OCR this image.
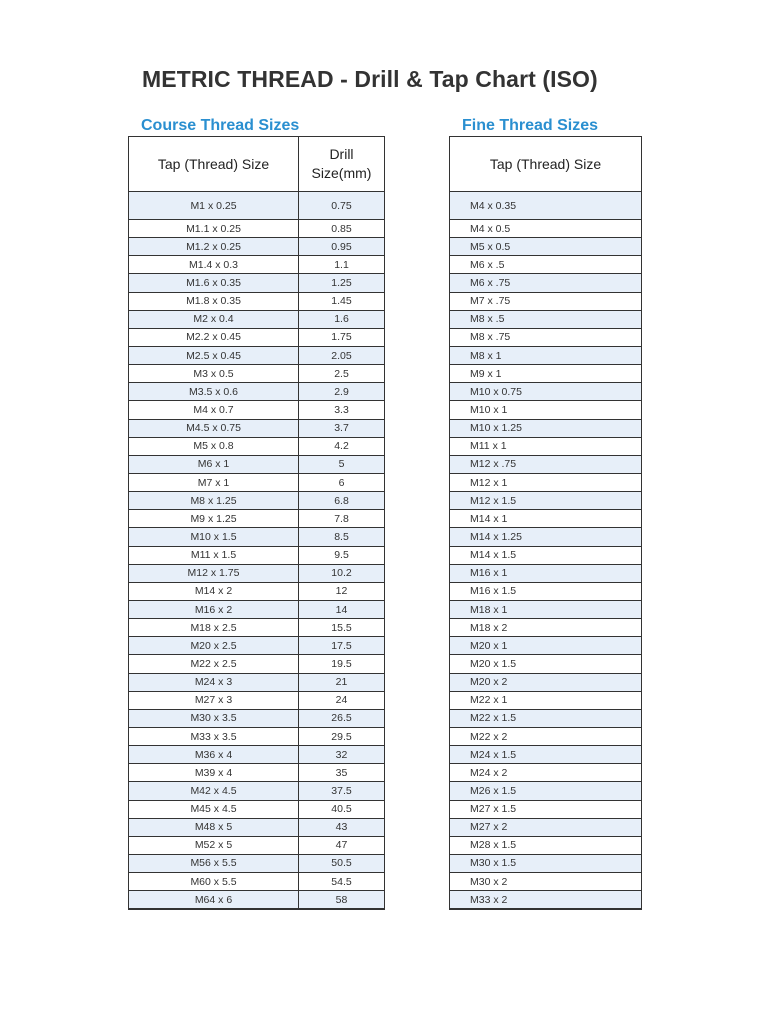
METRIC THREAD - Drill & Tap Chart (ISO)
Course Thread Sizes	Fine Thread Sizes
Tap (Thread) Size
Drill Size(mm)
M1 x 0.25	0.75
M1.1 x 0.25	0.85
M1.2 x 0.25	0.95
M1.4 x 0.3	1.1
M1.6 x 0.35	1.25
M1.8 x 0.35	1.45
M2 x 0.4	1.6
M2.2 x 0.45	1.75
M2.5 x 0.45	2.05
M3 x 0.5	2.5
M3.5 x 0.6	2.9
M4 x 0.7	3.3
M4.5 x 0.75	3.7
M5 x 0.8	4.2
M6 x 1	5
M7 x 1	6
M8 x 1.25	6.8
M9 x 1.25	7.8
M10 x 1.5	8.5
M11 x 1.5	9.5
M12 x 1.75	10.2
M14 x 2	12
M16 x 2	14
M18 x 2.5	15.5
M20 x 2.5	17.5
M22 x 2.5	19.5
M24 x 3	21
M27 x 3	24
M30 x 3.5	26.5
M33 x 3.5	29.5
M36 x 4	32
M39 x 4	35
M42 x 4.5	37.5
M45 x 4.5	40.5
M48 x 5	43
M52 x 5	47
M56 x 5.5	50.5
M60 x 5.5	54.5
M64 x 6	58
Tap (Thread) Size
M4 x 0.35
M4 x 0.5
M5 x 0.5
M6 x .5
M6 x .75
M7 x .75
M8 x .5
M8 x .75
M8 x 1
M9 x 1
M10 x 0.75
M10 x 1
M10 x 1.25
M11 x 1
M12 x .75
M12 x 1
M12 x 1.5
M14 x 1
M14 x 1.25
M14 x 1.5
M16 x 1
M16 x 1.5
M18 x 1
M18 x 2
M20 x 1
M20 x 1.5
M20 x 2
M22 x 1
M22 x 1.5
M22 x 2
M24 x 1.5
M24 x 2
M26 x 1.5
M27 x 1.5
M27 x 2
M28 x 1.5
M30 x 1.5
M30 x 2
M33 x 2
